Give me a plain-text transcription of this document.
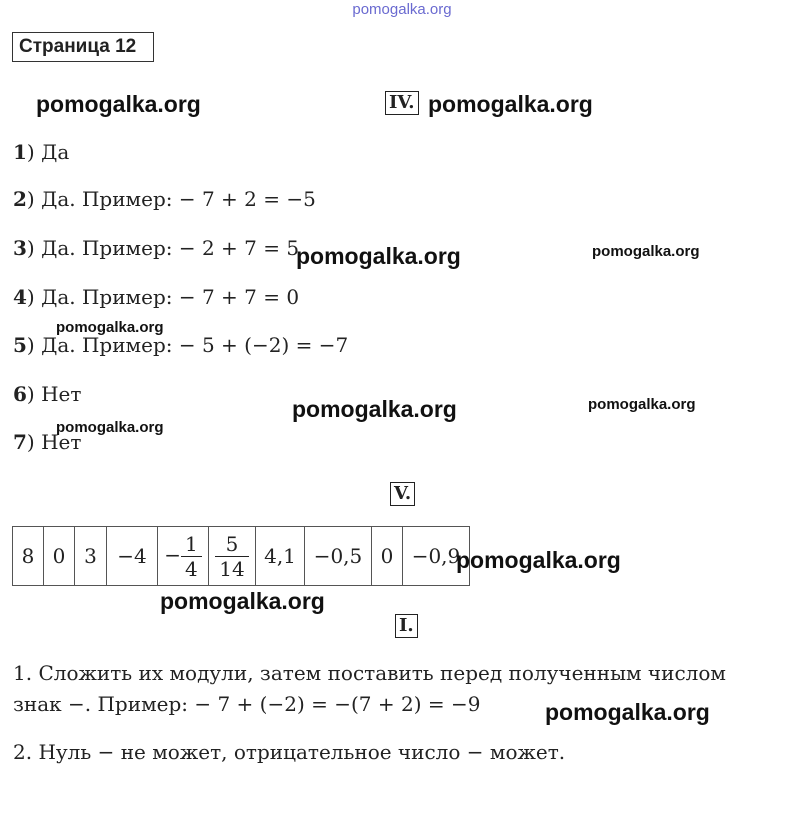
pomogalka.org
Страница 12
pomogalka.org	IV. pomogalka.org
1) Да
2) Да. Пример: − 7 + 2 = −5
3) Да. Пример: − 2 + 7 = 5
4) Да. Пример: − 7 + 7 = 0
5) Да. Пример: − 5 + (−2) = −7
6) Нет
7) Нет
pomogalka.org	pomogalka.org
pomogalka.org
pomogalka.org	pomogalka.org
pomogalka.org
V.
8	0	3	−4	− $\frac{1}{4}$	$\frac{5}{14}$	4,1	−0,5	0	−0,9
pomogalka.org
pomogalka.org
I.
1. Сложить их модули, затем поставить перед полученным числом
знак −. Пример: − 7 + (−2) = −(7 + 2) = −9	pomogalka.org
2. Нуль − не может, отрицательное число − может.
